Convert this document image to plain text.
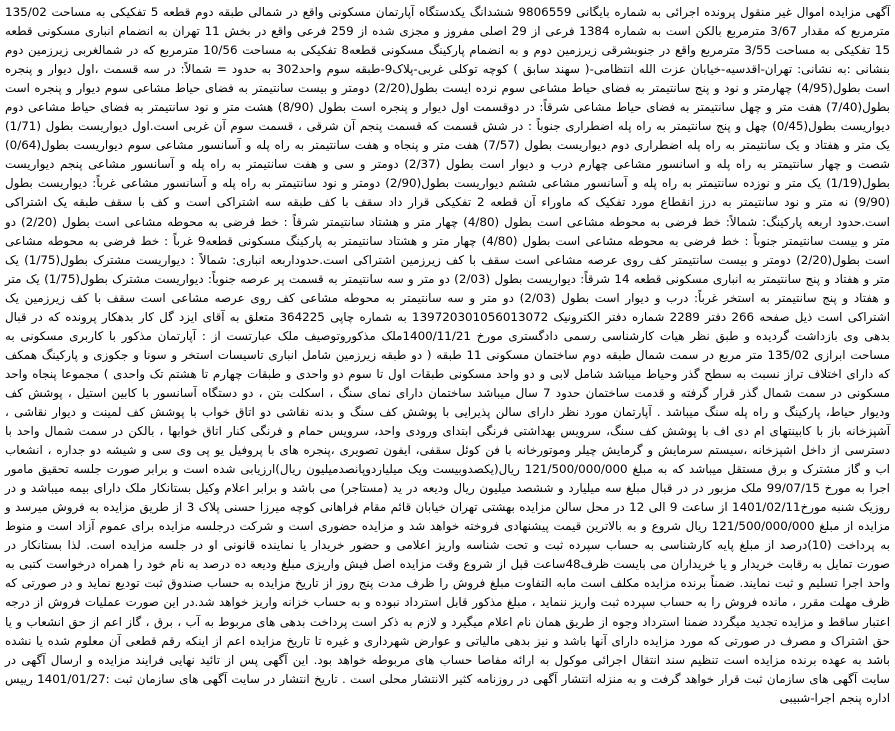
آگهی مزایده اموال غیر منقول پرونده اجرائی به شماره بایگانی 9806559 ششدانگ یکدستگاه آپارتمان مسکونی واقع در شمالی طبقه دوم قطعه 5 تفکیکی به مساحت 135/02 مترمربع که مقدار 3/67 مترمربع بالکن است به شماره 1384 فرعی از 29 اصلی مفروز و مجزی شده از 259 فرعی واقع در بخش 11 تهران به انضمام انباری مسکونی قطعه 15 تفکیکی به مساحت 3/55 مترمربع واقع در جنوبشرقی زیرزمین دوم و به انضمام پارکینگ مسکونی قطعه8 تفکیکی به مساحت 10/56 مترمربع که در شمالغربی زیرزمین دوم بنشانی :به نشانی: تهران-اقدسیه-خیابان عزت الله انتظامی-( سهند سابق ) کوچه توکلی غربی-پلاک9-طبقه سوم واحد302 به حدود = شمالاً: در سه قسمت ،اول دیوار و پنجره است بطول(4/95) چهارمتر و نود و پنج سانتیمتر به فضای حیاط مشاعی سوم نرده ایست بطول(2/20) دومتر و بیست سانتیمتر به فضای حیاط مشاعی سوم دیوار و پنجره است بطول(7/40) هفت متر و چهل سانتیمتر به فضای حیاط مشاعی شرقاً: در دوقسمت اول دیوار و پنجره است بطول (8/90) هشت متر و نود سانتیمتر به فضای حیاط مشاعی دوم دیواریست بطول(0/45) چهل و پنج سانتیمتر به راه پله اضطراری جنوباً : در شش قسمت که قسمت پنجم آن شرقی ، قسمت سوم آن غربی است.اول دیواریست بطول (1/71) یک متر و هفتاد و یک سانتیمتر به راه پله اضطراری دوم دیواریست بطول (7/57) هفت متر و پنجاه و هفت سانتیمتر به راه پله و آسانسور مشاعی سوم دیواریست بطول(0/64) شصت و چهار سانتیمتر به راه پله و اسانسور مشاعی چهارم درب و دیوار است بطول (2/37) دومتر و سی و هفت سانتیمتر به راه پله و آسانسور مشاعی پنجم دیواریست بطول(1/19) یک متر و نوزده سانتیمتر به راه پله و آسانسور مشاعی ششم دیواریست بطول(2/90) دومتر و نود سانتیمتر به راه پله و آسانسور مشاعی غرباً: دیواریست بطول (9/90) نه متر و نود سانتیمتر به درز انقطاع مورد تفکیک که ماوراء آن قطعه 2 تفکیکی قرار داد سقف با کف طبقه سه اشتراکی است و کف با سقف طبقه یک اشتراکی است.حدود اربعه پارکینگ: شمالاً: خط فرضی به محوطه مشاعی است بطول (4/80) چهار متر و هشتاد سانتیمتر شرقاً : خط فرضی به محوطه مشاعی است بطول (2/20) دو متر و بیست سانتیمتر جنوباً : خط فرضی به محوطه مشاعی است بطول (4/80) چهار متر و هشتاد سانتیمتر به پارکینگ مسکونی قطعه9 غرباً : خط فرضی به محوطه مشاعی است بطول(2/20) دومتر و بیست سانتیمتر کف روی عرصه مشاعی است سقف با کف زیرزمین اشتراکی است.حدوداربعه انباری: شمالاً : دیواریست مشترک بطول(1/75) یک متر و هفتاد و پنج سانتیمتر به انباری مسکونی قطعه 14 شرقاً: دیواریست بطول (2/03) دو متر و سه سانتیمتر به قسمت پر عرصه جنوباً: دیواریست مشترک بطول(1/75) یک متر و هفتاد و پنج سانتیمتر به استخر غرباً: درب و دیوار است بطول (2/03) دو متر و سه سانتیمتر به محوطه مشاعی کف روی عرصه مشاعی است سقف با کف زیرزمین یک اشتراکی است ذیل صفحه 266 دفتر 2289 شماره دفتر الکترونیک 139720301056013072 به شماره چاپی 364225 متعلق به آقای ایزد گل کار بدهکار پرونده که در قبال بدهی وی بازداشت گردیده و طبق نظر هیات کارشناسی رسمی دادگستری مورخ 1400/11/21ملک مذکوروتوصیف ملک عبارتست از : آپارتمان مذکور با کاربری مسکونی به مساحت ابرازی 135/02 متر مربع در سمت شمال طبقه دوم ساختمان مسکونی 11 طبقه ( دو طبقه زیرزمین شامل انباری تاسیسات استخر و سونا و جکوزی و پارکینگ همکف که دارای اختلاف تراز نسبت به سطح گذر وحیاط میباشد شامل لابی و دو واحد مسکونی طبقات اول تا سوم دو واحدی و طبقات چهارم تا هشتم تک واحدی ) مجموعا پنجاه واحد مسکونی در سمت شمال گذر قرار گرفته و قدمت ساختمان حدود 7 سال میباشد ساختمان دارای نمای سنگ ، اسکلت بتن ، دو دستگاه آسانسور با کابین استیل ، پوشش کف ودیوار حیاط، پارکینگ و راه پله سنگ میباشد . آپارتمان مورد نظر دارای سالن پذیرایی با پوشش کف سنگ و بدنه نقاشی دو اتاق خواب با پوشش کف لمینت و دیوار نقاشی ، آشپزخانه باز با کابینتهای ام دی اف با پوشش کف سنگ، سرویس بهداشتی فرنگی ابتدای ورودی واحد، سرویس حمام و فرنگی کنار اتاق خوابها ، بالکن در سمت شمال واحد با دسترسی از داخل اشپزخانه ،سیستم سرمایش و گرمایش چیلر وموتورخانه با فن کوئل سقفی، ایفون تصویری ،پنجره های با پروفیل یو پی وی سی و شیشه دو جداره ، انشعاب اب و گاز مشترک و برق مستقل میباشد که به مبلغ 121/500/000/000 ریال(یکصدوبیست ویک میلیاردوپانصدمیلیون ریال)ارزیابی شده است و برابر صورت جلسه تحقیق مامور اجرا به مورخ 99/07/15 ملک مزبور در در قبال مبلغ سه میلیارد و ششصد میلیون ریال ودیعه در ید (مستاجر) می باشد و برابر اعلام وکیل بستانکار ملک دارای بیمه میباشد و در روزیک شنبه مورخ1401/02/11 از ساعت 9 الی 12 در محل سالن مزایده بهشتی تهران خیابان قائم مقام فراهانی کوچه میرزا حسنی پلاک 3 از طریق مزایده به فروش میرسد و مزایده از مبلغ 121/500/000/000 ریال شروع و به بالاترین قیمت پیشنهادی فروخته خواهد شد و مزایده حضوری است و شرکت درجلسه مزایده برای عموم آزاد است و منوط به پرداخت (10)درصد از مبلغ پایه کارشناسی به حساب سپرده ثبت و تحت شناسه واریز اعلامی و حضور خریدار یا نماینده قانونی او در جلسه مزایده است. لذا بستانکار در صورت تمایل به رقابت خریدار و یا خریداران می بایست ظرف48ساعت قبل از شروع وقت مزایده اصل فیش واریزی مبلغ ودیعه ده درصد به نام خود را همراه درخواست کتبی به واحد اجرا تسلیم و ثبت نمایند. ضمناً برنده مزایده مکلف است مابه التفاوت مبلغ فروش را ظرف مدت پنج روز از تاریخ مزایده به حساب صندوق ثبت تودیع نماید و در صورتی که ظرف مهلت مقرر ، مانده فروش را به حساب سپرده ثبت واریز ننماید ، مبلغ مذکور قابل استرداد نبوده و به حساب خزانه واریز خواهد شد.در این صورت عملیات فروش از درجه اعتبار ساقط و مزایده تجدید میگردد ضمنا استرداد وجوه از طریق همان نام اعلام میگیرد و لازم به ذکر است پرداخت بدهی های مربوط به آب ، برق ، گاز اعم از حق انشعاب و یا حق اشتراک و مصرف در صورتی که مورد مزایده دارای آنها باشد و نیز بدهی مالیاتی و عوارض شهرداری و غیره تا تاریخ مزایده اعم از اینکه رقم قطعی آن معلوم شده یا نشده باشد به عهده برنده مزایده است تنظیم سند انتقال اجرائی موکول به ارائه مفاصا حساب های مربوطه خواهد بود. این آگهی پس از تائید نهایی فرایند مزایده و ارسال آگهی در سایت آگهی های سازمان ثبت قرار خواهد گرفت و به منزله انتشار آگهی در روزنامه کثیر الانتشار محلی است . تاریخ انتشار در سایت آگهی های سازمان ثبت :1401/01/27 رییس اداره پنجم اجرا-شبیبی
